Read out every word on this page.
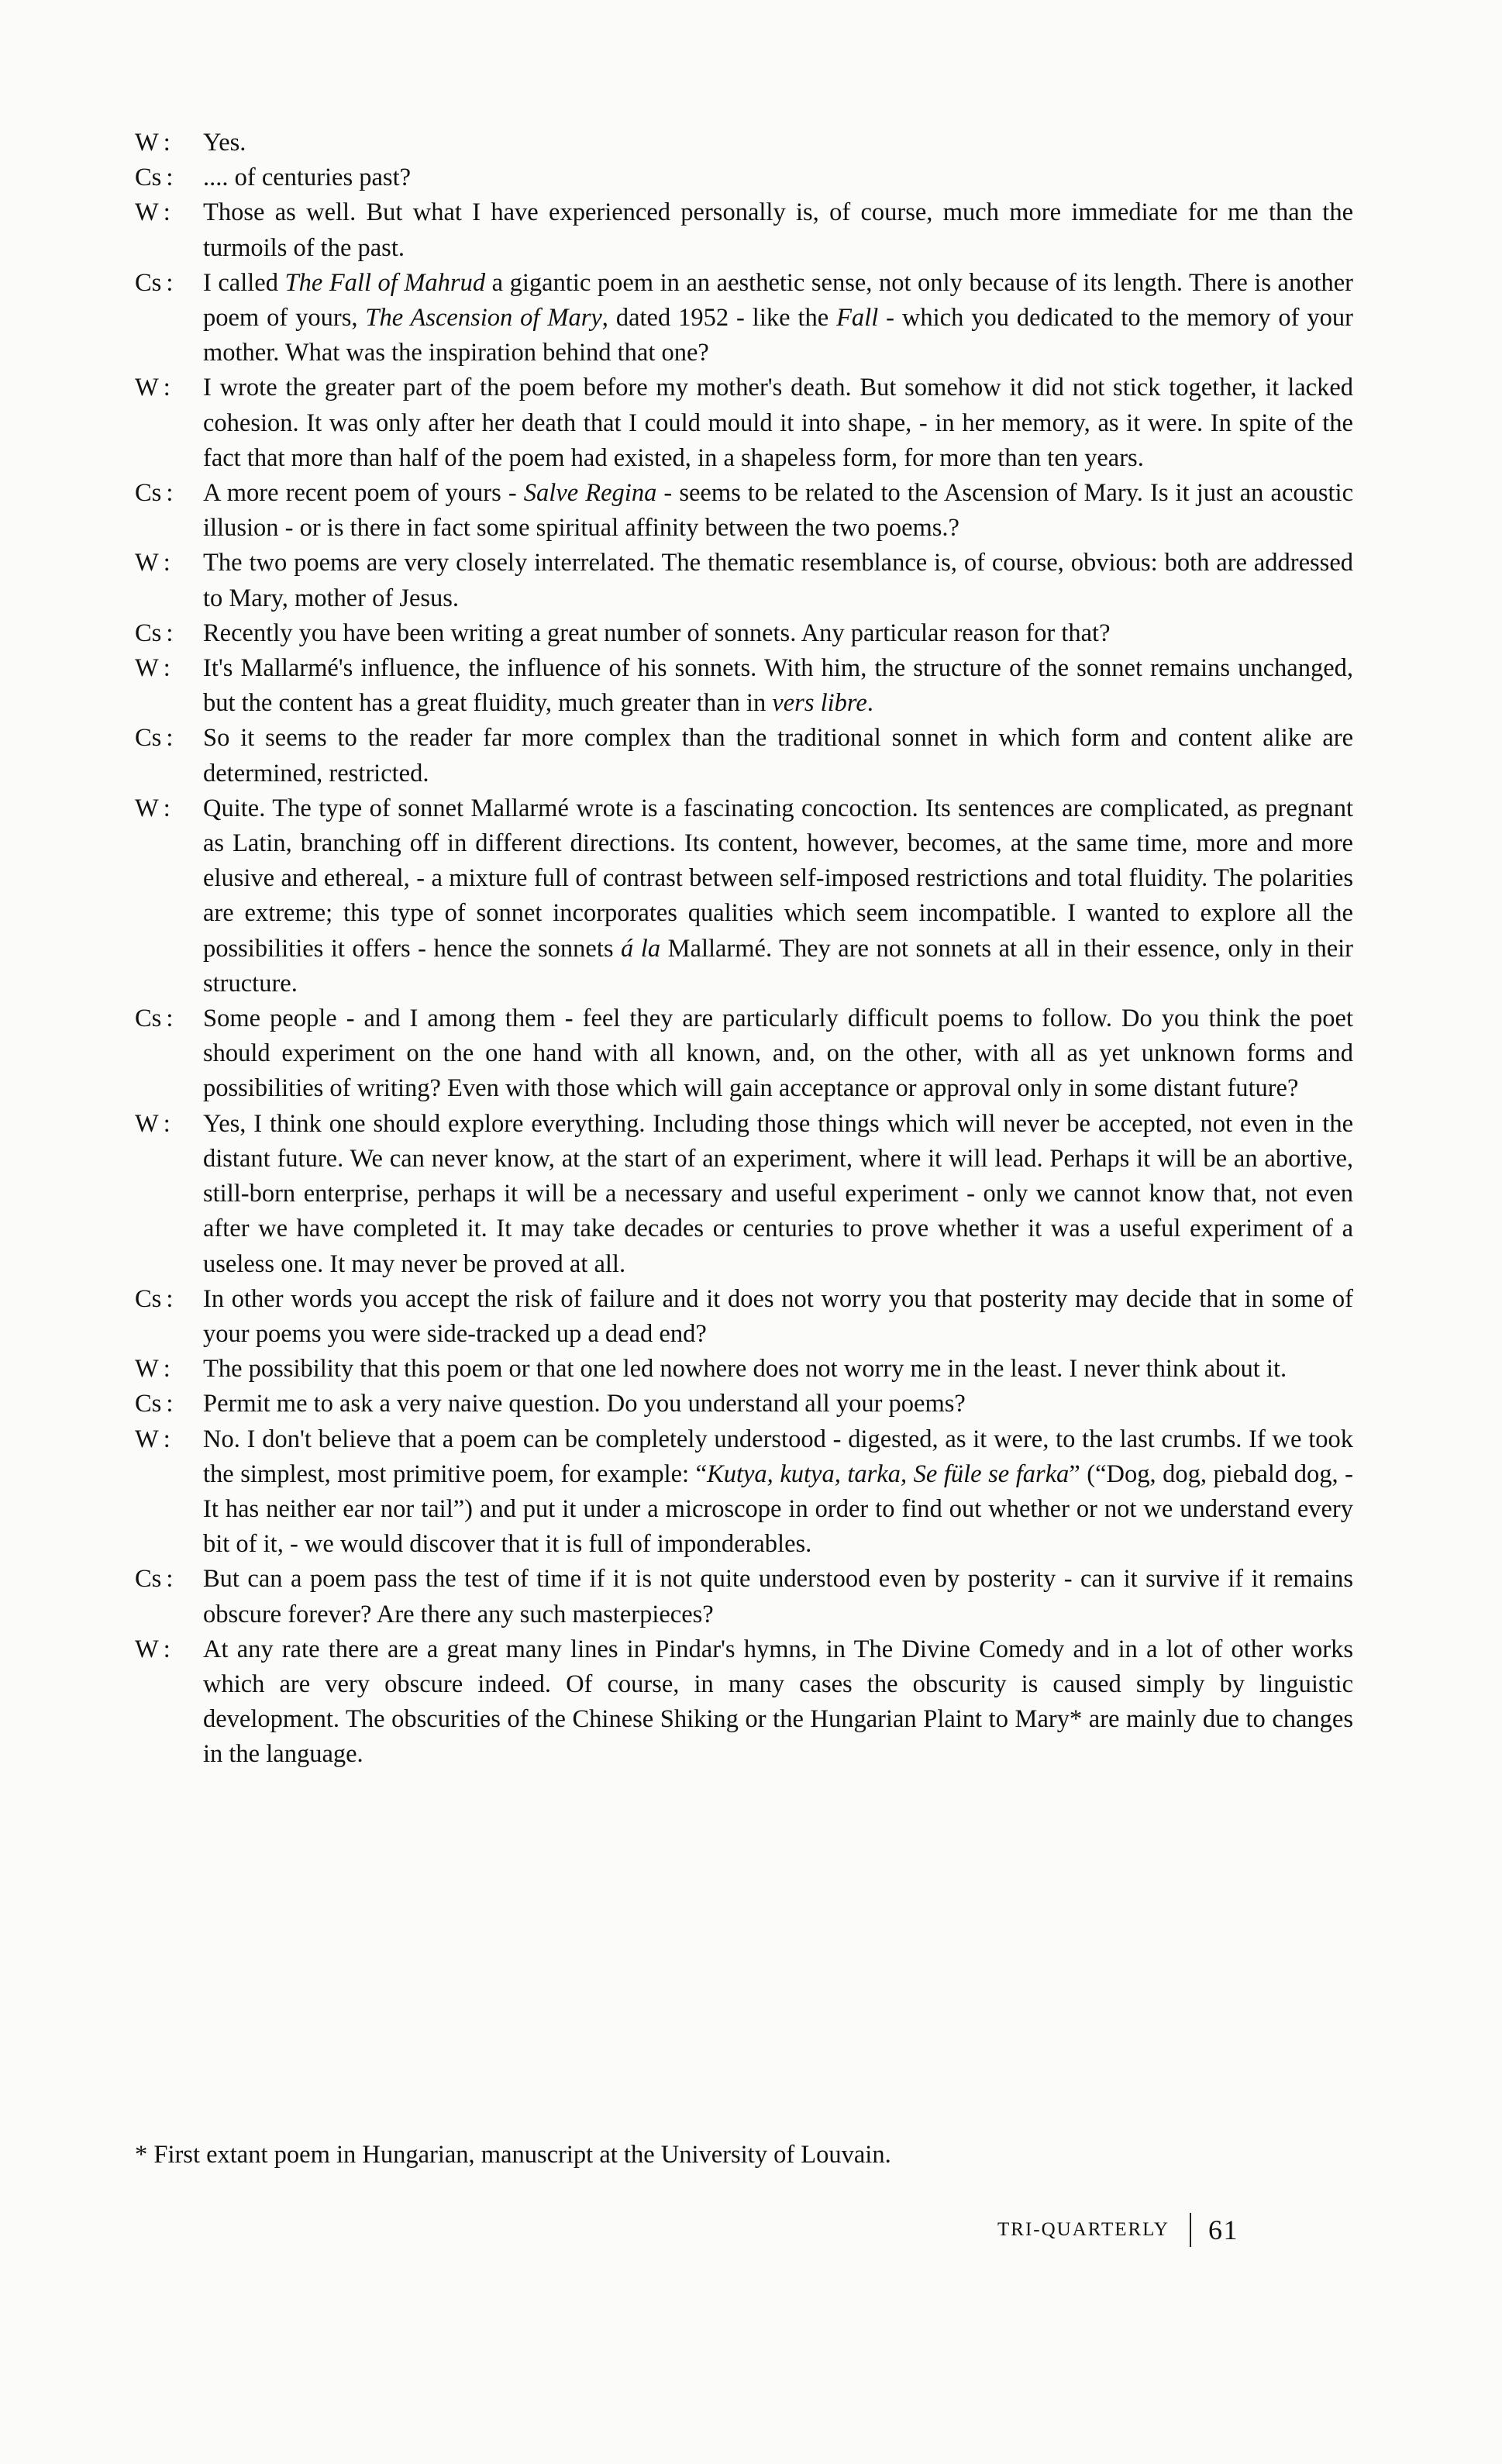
W :	Yes.
Cs :	.... of centuries past?
W :	Those as well. But what I have experienced personally is, of course, much more immediate for me than the turmoils of the past.
Cs :	I called The Fall of Mahrud a gigantic poem in an aesthetic sense, not only because of its length. There is another poem of yours, The Ascension of Mary, dated 1952 - like the Fall - which you dedicated to the memory of your mother. What was the inspiration behind that one?
W :	I wrote the greater part of the poem before my mother's death. But somehow it did not stick together, it lacked cohesion. It was only after her death that I could mould it into shape, - in her memory, as it were. In spite of the fact that more than half of the poem had existed, in a shapeless form, for more than ten years.
Cs :	A more recent poem of yours - Salve Regina - seems to be related to the Ascension of Mary. Is it just an acoustic illusion - or is there in fact some spiritual affinity between the two poems.?
W :	The two poems are very closely interrelated. The thematic resemblance is, of course, obvious: both are addressed to Mary, mother of Jesus.
Cs :	Recently you have been writing a great number of sonnets. Any particular reason for that?
W :	It's Mallarmé's influence, the influence of his sonnets. With him, the structure of the sonnet remains unchanged, but the content has a great fluidity, much greater than in vers libre.
Cs :	So it seems to the reader far more complex than the traditional sonnet in which form and content alike are determined, restricted.
W :	Quite. The type of sonnet Mallarmé wrote is a fascinating concoction. Its sentences are complicated, as pregnant as Latin, branching off in different directions. Its content, however, becomes, at the same time, more and more elusive and ethereal, - a mixture full of contrast between self-imposed restrictions and total fluidity. The polarities are extreme; this type of sonnet incorporates qualities which seem incompatible. I wanted to explore all the possibilities it offers - hence the sonnets á la Mallarmé. They are not sonnets at all in their essence, only in their structure.
Cs :	Some people - and I among them - feel they are particularly difficult poems to follow. Do you think the poet should experiment on the one hand with all known, and, on the other, with all as yet unknown forms and possibilities of writing? Even with those which will gain acceptance or approval only in some distant future?
W :	Yes, I think one should explore everything. Including those things which will never be accepted, not even in the distant future. We can never know, at the start of an experiment, where it will lead. Perhaps it will be an abortive, still-born enterprise, perhaps it will be a necessary and useful experiment - only we cannot know that, not even after we have completed it. It may take decades or centuries to prove whether it was a useful experiment of a useless one. It may never be proved at all.
Cs :	In other words you accept the risk of failure and it does not worry you that posterity may decide that in some of your poems you were side-tracked up a dead end?
W :	The possibility that this poem or that one led nowhere does not worry me in the least. I never think about it.
Cs :	Permit me to ask a very naive question. Do you understand all your poems?
W :	No. I don't believe that a poem can be completely understood - digested, as it were, to the last crumbs. If we took the simplest, most primitive poem, for example: “Kutya, kutya, tarka, Se füle se farka” (“Dog, dog, piebald dog, - It has neither ear nor tail”) and put it under a microscope in order to find out whether or not we understand every bit of it, - we would discover that it is full of imponderables.
Cs :	But can a poem pass the test of time if it is not quite understood even by posterity - can it survive if it remains obscure forever? Are there any such masterpieces?
W :	At any rate there are a great many lines in Pindar's hymns, in The Divine Comedy and in a lot of other works which are very obscure indeed. Of course, in many cases the obscurity is caused simply by linguistic development. The obscurities of the Chinese Shiking or the Hungarian Plaint to Mary* are mainly due to changes in the language.
* First extant poem in Hungarian, manuscript at the University of Louvain.
TRI-QUARTERLY 61
